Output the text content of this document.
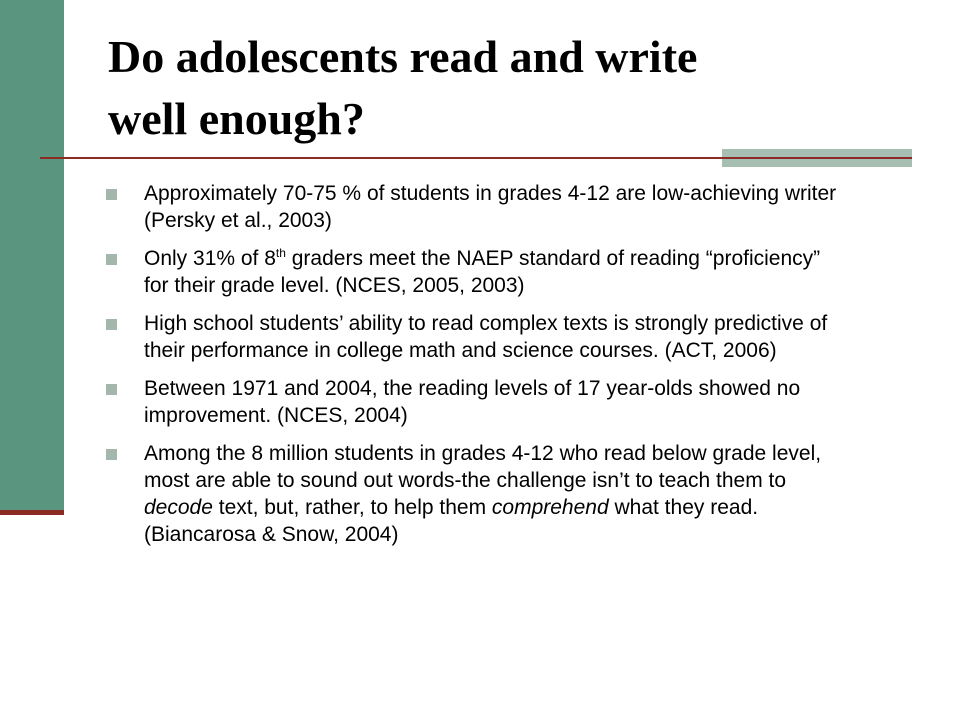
Do adolescents read and write
well enough?
Approximately 70-75 % of students in grades 4-12 are low-achieving writer (Persky et al., 2003)
Only 31% of 8th graders meet the NAEP standard of reading “proficiency” for their grade level. (NCES, 2005, 2003)
High school students’ ability to read complex texts is strongly predictive of their performance in college math and science courses. (ACT, 2006)
Between 1971 and 2004, the reading levels of 17 year-olds showed no improvement. (NCES, 2004)
Among the 8 million students in grades 4-12 who read below grade level, most are able to sound out words-the challenge isn’t to teach them to decode text, but, rather, to help them comprehend what they read. (Biancarosa & Snow, 2004)
